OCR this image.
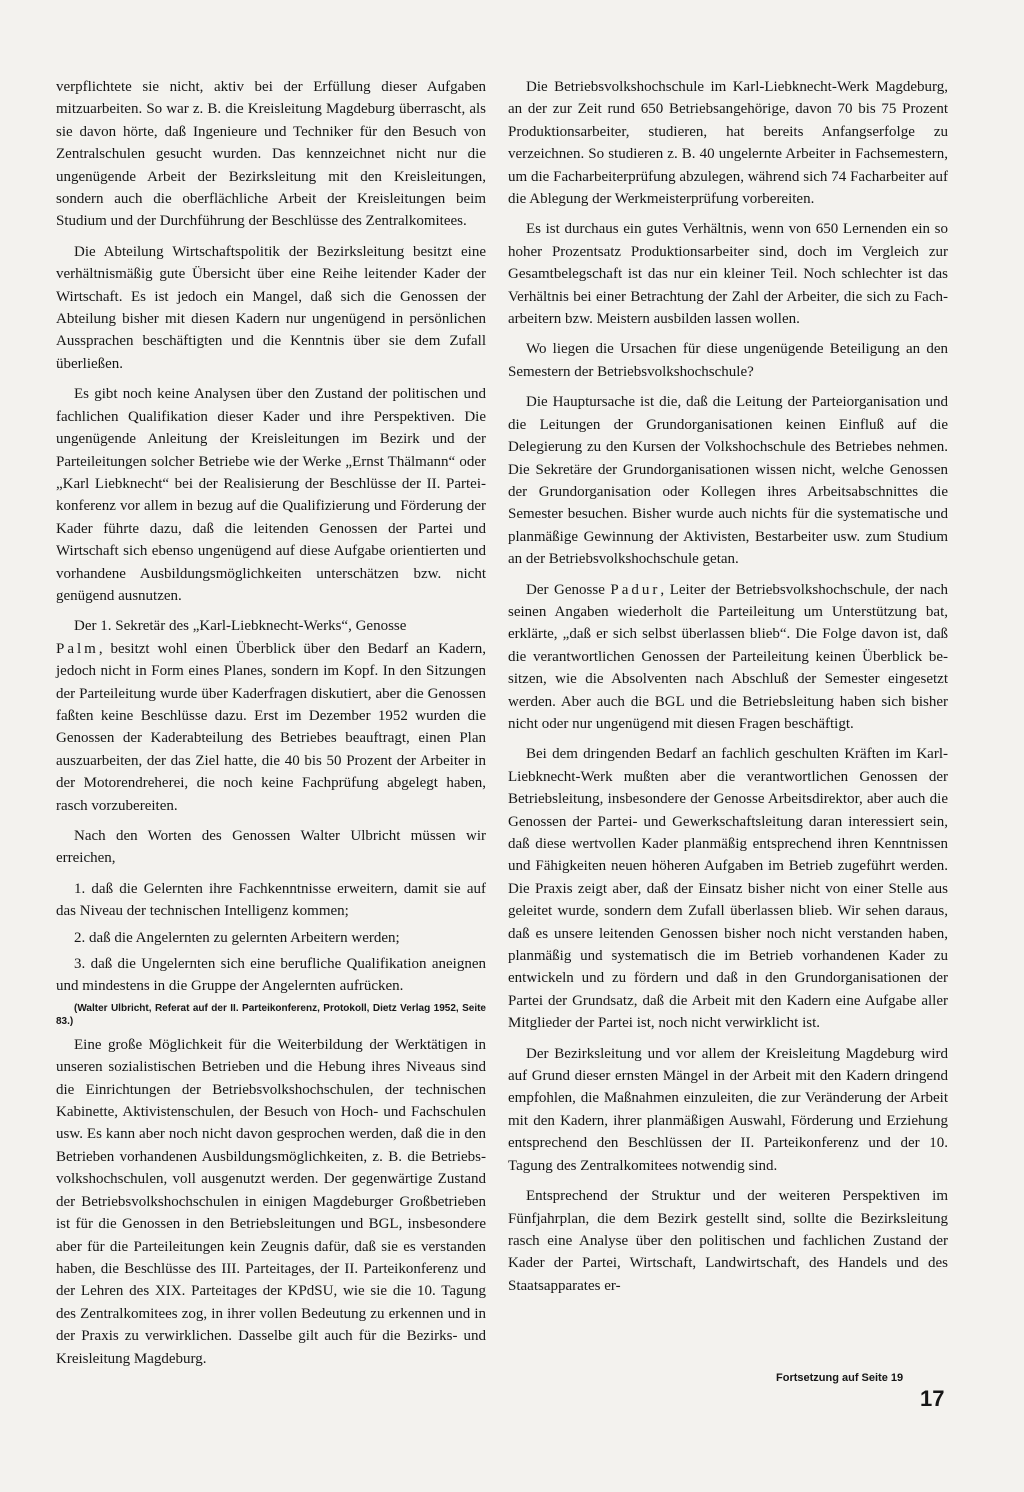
verpflichtete sie nicht, aktiv bei der Erfüllung dieser Aufgaben mitzuarbeiten. So war z. B. die Kreisleitung Magdeburg überrascht, als sie davon hörte, daß Ingenieure und Techniker für den Besuch von Zentralschulen gesucht wurden. Das kennzeichnet nicht nur die ungenügende Arbeit der Bezirksleitung mit den Kreisleitungen, sondern auch die oberflächliche Arbeit der Kreisleitungen beim Studium und der Durchführung der Beschlüsse des Zentralkomitees.

Die Abteilung Wirtschaftspolitik der Bezirksleitung besitzt eine verhältnismäßig gute Übersicht über eine Reihe leitender Kader der Wirtschaft. Es ist jedoch ein Mangel, daß sich die Genossen der Abteilung bisher mit diesen Kadern nur ungenügend in persönlichen Aussprachen beschäftigten und die Kenntnis über sie dem Zufall überließen.

Es gibt noch keine Analysen über den Zustand der politischen und fachlichen Qualifikation dieser Kader und ihre Perspektiven. Die ungenügende Anleitung der Kreisleitungen im Bezirk und der Parteileitungen solcher Betriebe wie der Werke „Ernst Thälmann“ oder „Karl Liebknecht“ bei der Realisierung der Beschlüsse der II. Parteikonferenz vor allem in bezug auf die Qualifizierung und Förderung der Kader führte dazu, daß die leitenden Genossen der Partei und Wirtschaft sich ebenso ungenügend auf diese Aufgabe orientierten und vorhandene Ausbildungsmöglichkeiten unterschätzen bzw. nicht genügend ausnutzen.

Der 1. Sekretär des „Karl-Liebknecht-Werks“, Genosse
Palm, besitzt wohl einen Überblick über den Bedarf an Kadern, jedoch nicht in Form eines Planes, sondern im Kopf. In den Sitzungen der Parteileitung wurde über Kaderfragen diskutiert, aber die Genossen faßten keine Beschlüsse dazu. Erst im Dezember 1952 wurden die Genossen der Kaderabteilung des Betriebes beauftragt, einen Plan auszuarbeiten, der das Ziel hatte, die 40 bis 50 Prozent der Arbeiter in der Motorendreherei, die noch keine Fachprüfung abgelegt haben, rasch vorzubereiten.

Nach den Worten des Genossen Walter Ulbricht müssen wir erreichen,

1. daß die Gelernten ihre Fachkenntnisse erweitern, damit sie auf das Niveau der technischen Intelligenz kommen;

2. daß die Angelernten zu gelernten Arbeitern werden;

3. daß die Ungelernten sich eine berufliche Qualifikation aneignen und mindestens in die Gruppe der Angelernten aufrücken.

(Walter Ulbricht, Referat auf der II. Parteikonferenz, Protokoll, Dietz Verlag 1952, Seite 83.)

Eine große Möglichkeit für die Weiterbildung der Werktätigen in unseren sozialistischen Betrieben und die Hebung ihres Niveaus sind die Einrichtungen der Betriebsvolkshochschulen, der technischen Kabinette, Aktivistenschulen, der Besuch von Hoch- und Fachschulen usw. Es kann aber noch nicht davon gesprochen werden, daß die in den Betrieben vorhandenen Ausbildungsmöglichkeiten, z. B. die Betriebsvolkshochschulen, voll ausgenutzt werden. Der gegenwärtige Zustand der Betriebsvolkshochschulen in einigen Magdeburger Großbetrieben ist für die Genossen in den Betriebsleitungen und BGL, insbesondere aber für die Parteileitungen kein Zeugnis dafür, daß sie es verstanden haben, die Beschlüsse des III. Parteitages, der II. Parteikonferenz und der Lehren des XIX. Parteitages der KPdSU, wie sie die 10. Tagung des Zentralkomitees zog, in ihrer vollen Bedeutung zu erkennen und in der Praxis zu verwirklichen. Dasselbe gilt auch für die Bezirks- und Kreisleitung Magdeburg.

Die Betriebsvolkshochschule im Karl-Liebknecht-Werk Magdeburg, an der zur Zeit rund 650 Betriebsangehörige, davon 70 bis 75 Prozent Produktionsarbeiter, studieren, hat bereits Anfangserfolge zu verzeichnen. So studieren z. B. 40 ungelernte Arbeiter in Fachsemestern, um die Facharbeiterprüfung abzulegen, während sich 74 Facharbeiter auf die Ablegung der Werkmeisterprüfung vorbereiten.

Es ist durchaus ein gutes Verhältnis, wenn von 650 Lernenden ein so hoher Prozentsatz Produktionsarbeiter sind, doch im Vergleich zur Gesamtbelegschaft ist das nur ein kleiner Teil. Noch schlechter ist das Verhältnis bei einer Betrachtung der Zahl der Arbeiter, die sich zu Facharbeitern bzw. Meistern ausbilden lassen wollen.

Wo liegen die Ursachen für diese ungenügende Beteiligung an den Semestern der Betriebsvolkshochschule?

Die Hauptursache ist die, daß die Leitung der Parteiorganisation und die Leitungen der Grundorganisationen keinen Einfluß auf die Delegierung zu den Kursen der Volkshochschule des Betriebes nehmen. Die Sekretäre der Grundorganisationen wissen nicht, welche Genossen der Grundorganisation oder Kollegen ihres Arbeitsabschnittes die Semester besuchen. Bisher wurde auch nichts für die systematische und planmäßige Gewinnung der Aktivisten, Bestarbeiter usw. zum Studium an der Betriebsvolkshochschule getan.

Der Genosse Padur, Leiter der Betriebsvolkshochschule, der nach seinen Angaben wiederholt die Parteileitung um Unterstützung bat, erklärte, „daß er sich selbst überlassen blieb“. Die Folge davon ist, daß die verantwortlichen Genossen der Parteileitung keinen Überblick besitzen, wie die Absolventen nach Abschluß der Semester eingesetzt werden. Aber auch die BGL und die Betriebsleitung haben sich bisher nicht oder nur ungenügend mit diesen Fragen beschäftigt.

Bei dem dringenden Bedarf an fachlich geschulten Kräften im Karl-Liebknecht-Werk mußten aber die verantwortlichen Genossen der Betriebsleitung, insbesondere der Genosse Arbeitsdirektor, aber auch die Genossen der Partei- und Gewerkschaftsleitung daran interessiert sein, daß diese wertvollen Kader planmäßig entsprechend ihren Kenntnissen und Fähigkeiten neuen höheren Aufgaben im Betrieb zugeführt werden. Die Praxis zeigt aber, daß der Einsatz bisher nicht von einer Stelle aus geleitet wurde, sondern dem Zufall überlassen blieb. Wir sehen daraus, daß es unsere leitenden Genossen bisher noch nicht verstanden haben, planmäßig und systematisch die im Betrieb vorhandenen Kader zu entwickeln und zu fördern und daß in den Grundorganisationen der Partei der Grundsatz, daß die Arbeit mit den Kadern eine Aufgabe aller Mitglieder der Partei ist, noch nicht verwirklicht ist.

Der Bezirksleitung und vor allem der Kreisleitung Magdeburg wird auf Grund dieser ernsten Mängel in der Arbeit mit den Kadern dringend empfohlen, die Maßnahmen einzuleiten, die zur Veränderung der Arbeit mit den Kadern, ihrer planmäßigen Auswahl, Förderung und Erziehung entsprechend den Beschlüssen der II. Parteikonferenz und der 10. Tagung des Zentralkomitees notwendig sind.

Entsprechend der Struktur und der weiteren Perspektiven im Fünfjahrplan, die dem Bezirk gestellt sind, sollte die Bezirksleitung rasch eine Analyse über den politischen und fachlichen Zustand der Kader der Partei, Wirtschaft, Landwirtschaft, des Handels und des Staatsapparates er-

Fortsetzung auf Seite 19
17
